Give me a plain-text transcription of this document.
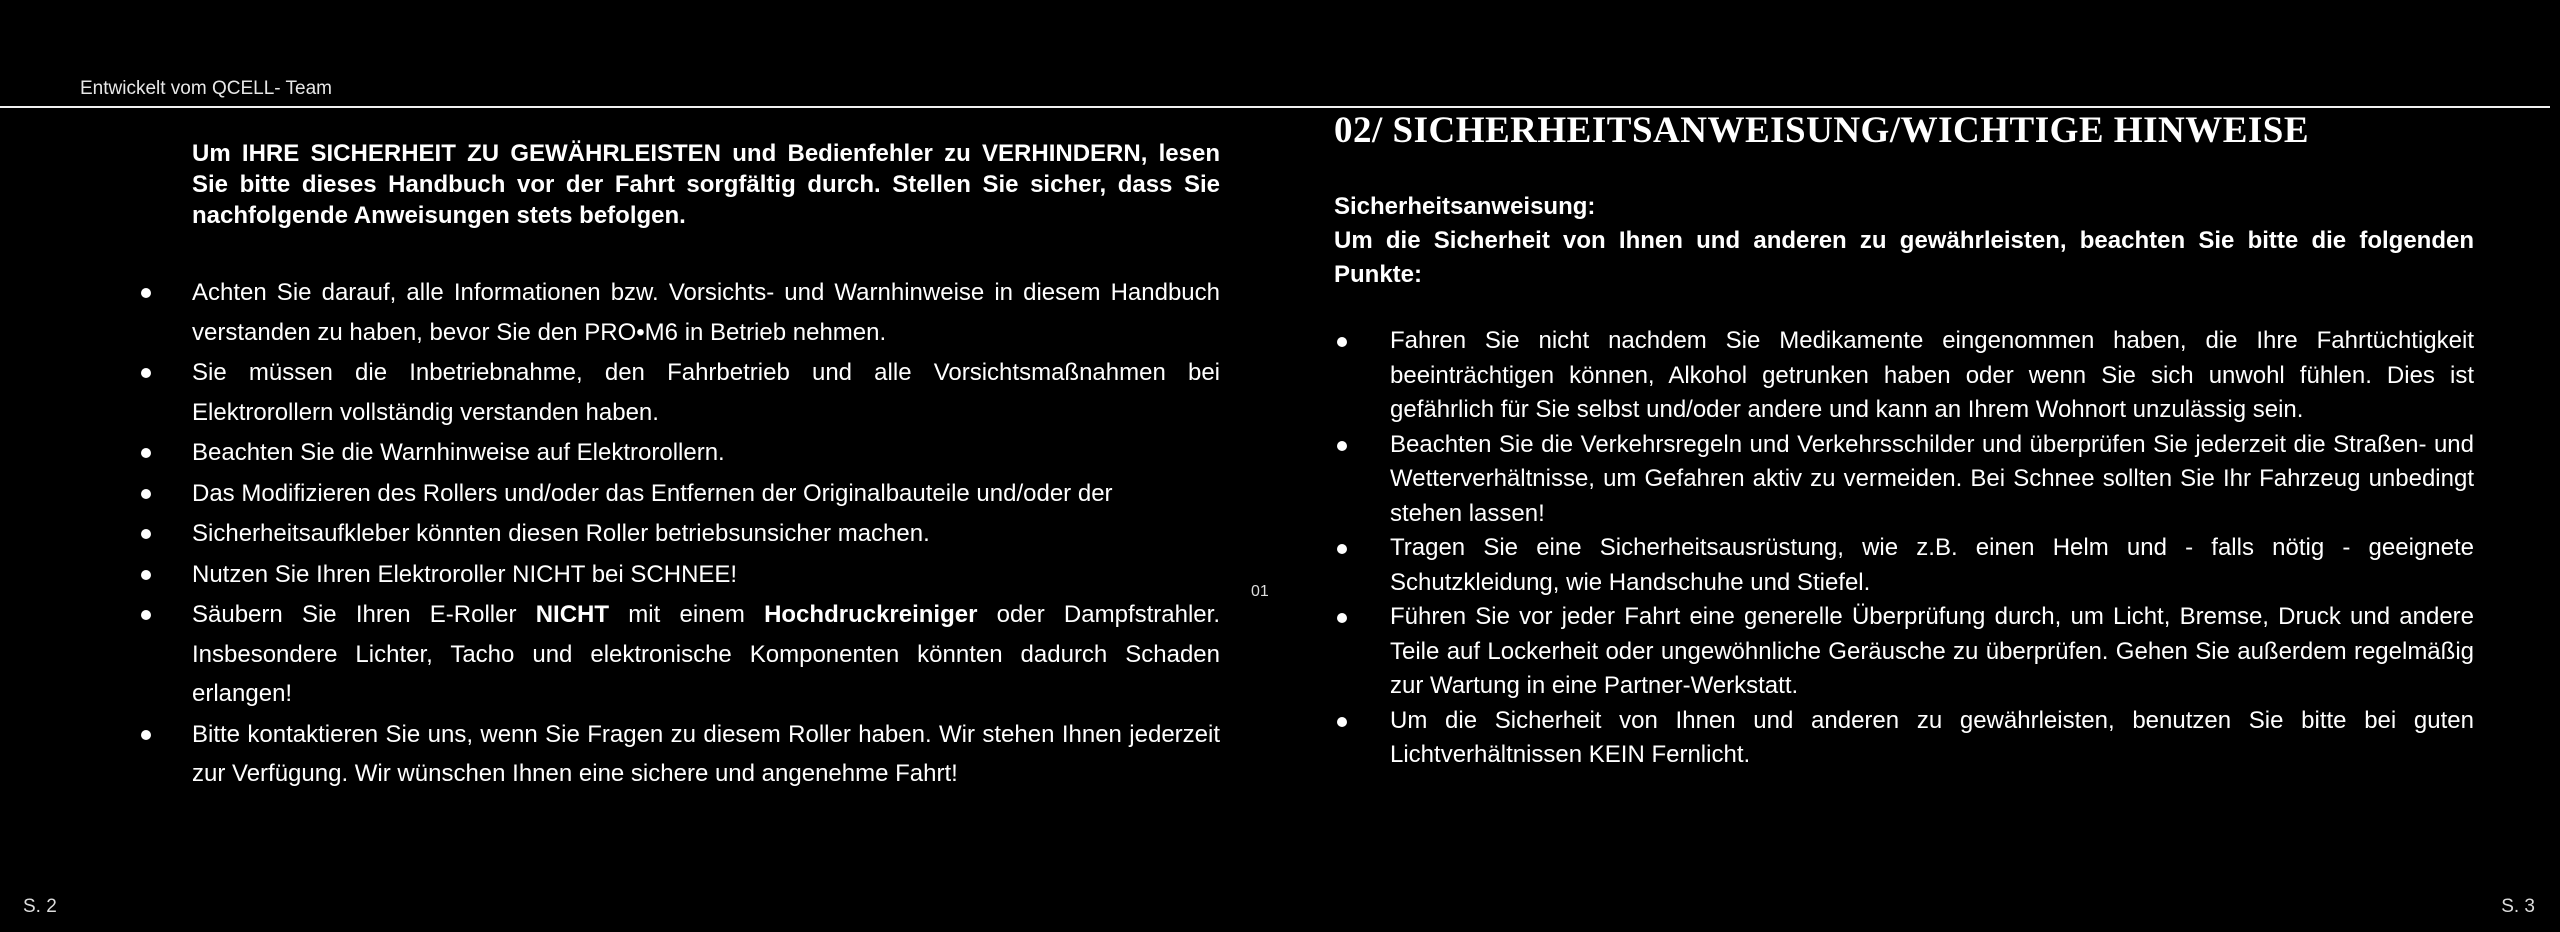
Entwickelt vom QCELL- Team

Um IHRE SICHERHEIT ZU GEWÄHRLEISTEN und Bedienfehler zu VERHINDERN, lesen Sie bitte dieses Handbuch vor der Fahrt sorgfältig durch. Stellen Sie sicher, dass Sie nachfolgende Anweisungen stets befolgen.

Achten Sie darauf, alle Informationen bzw. Vorsichts- und Warnhinweise in diesem Handbuch verstanden zu haben, bevor Sie den PRO•M6 in Betrieb nehmen.
Sie müssen die Inbetriebnahme, den Fahrbetrieb und alle Vorsichtsmaßnahmen bei Elektrorollern vollständig verstanden haben.
Beachten Sie die Warnhinweise auf Elektrorollern.
Das Modifizieren des Rollers und/oder das Entfernen der Originalbauteile und/oder der
Sicherheitsaufkleber könnten diesen Roller betriebsunsicher machen.
Nutzen Sie Ihren Elektroroller NICHT bei SCHNEE!
Säubern Sie Ihren E-Roller NICHT mit einem Hochdruckreiniger oder Dampfstrahler. Insbesondere Lichter, Tacho und elektronische Komponenten könnten dadurch Schaden erlangen!
Bitte kontaktieren Sie uns, wenn Sie Fragen zu diesem Roller haben. Wir stehen Ihnen jederzeit zur Verfügung. Wir wünschen Ihnen eine sichere und angenehme Fahrt!
01
02/ SICHERHEITSANWEISUNG/WICHTIGE HINWEISE
Sicherheitsanweisung:
Um die Sicherheit von Ihnen und anderen zu gewährleisten, beachten Sie bitte die folgenden Punkte:
Fahren Sie nicht nachdem Sie Medikamente eingenommen haben, die Ihre Fahrtüchtigkeit beeinträchtigen können, Alkohol getrunken haben oder wenn Sie sich unwohl fühlen. Dies ist gefährlich für Sie selbst und/oder andere und kann an Ihrem Wohnort unzulässig sein.
Beachten Sie die Verkehrsregeln und Verkehrsschilder und überprüfen Sie jederzeit die Straßen- und Wetterverhältnisse, um Gefahren aktiv zu vermeiden. Bei Schnee sollten Sie Ihr Fahrzeug unbedingt stehen lassen!
Tragen Sie eine Sicherheitsausrüstung, wie z.B. einen Helm und - falls nötig - geeignete Schutzkleidung, wie Handschuhe und Stiefel.
Führen Sie vor jeder Fahrt eine generelle Überprüfung durch, um Licht, Bremse, Druck und andere Teile auf Lockerheit oder ungewöhnliche Geräusche zu überprüfen. Gehen Sie außerdem regelmäßig zur Wartung in eine Partner-Werkstatt.
Um die Sicherheit von Ihnen und anderen zu gewährleisten, benutzen Sie bitte bei guten Lichtverhältnissen KEIN Fernlicht.
S. 2	S. 3
